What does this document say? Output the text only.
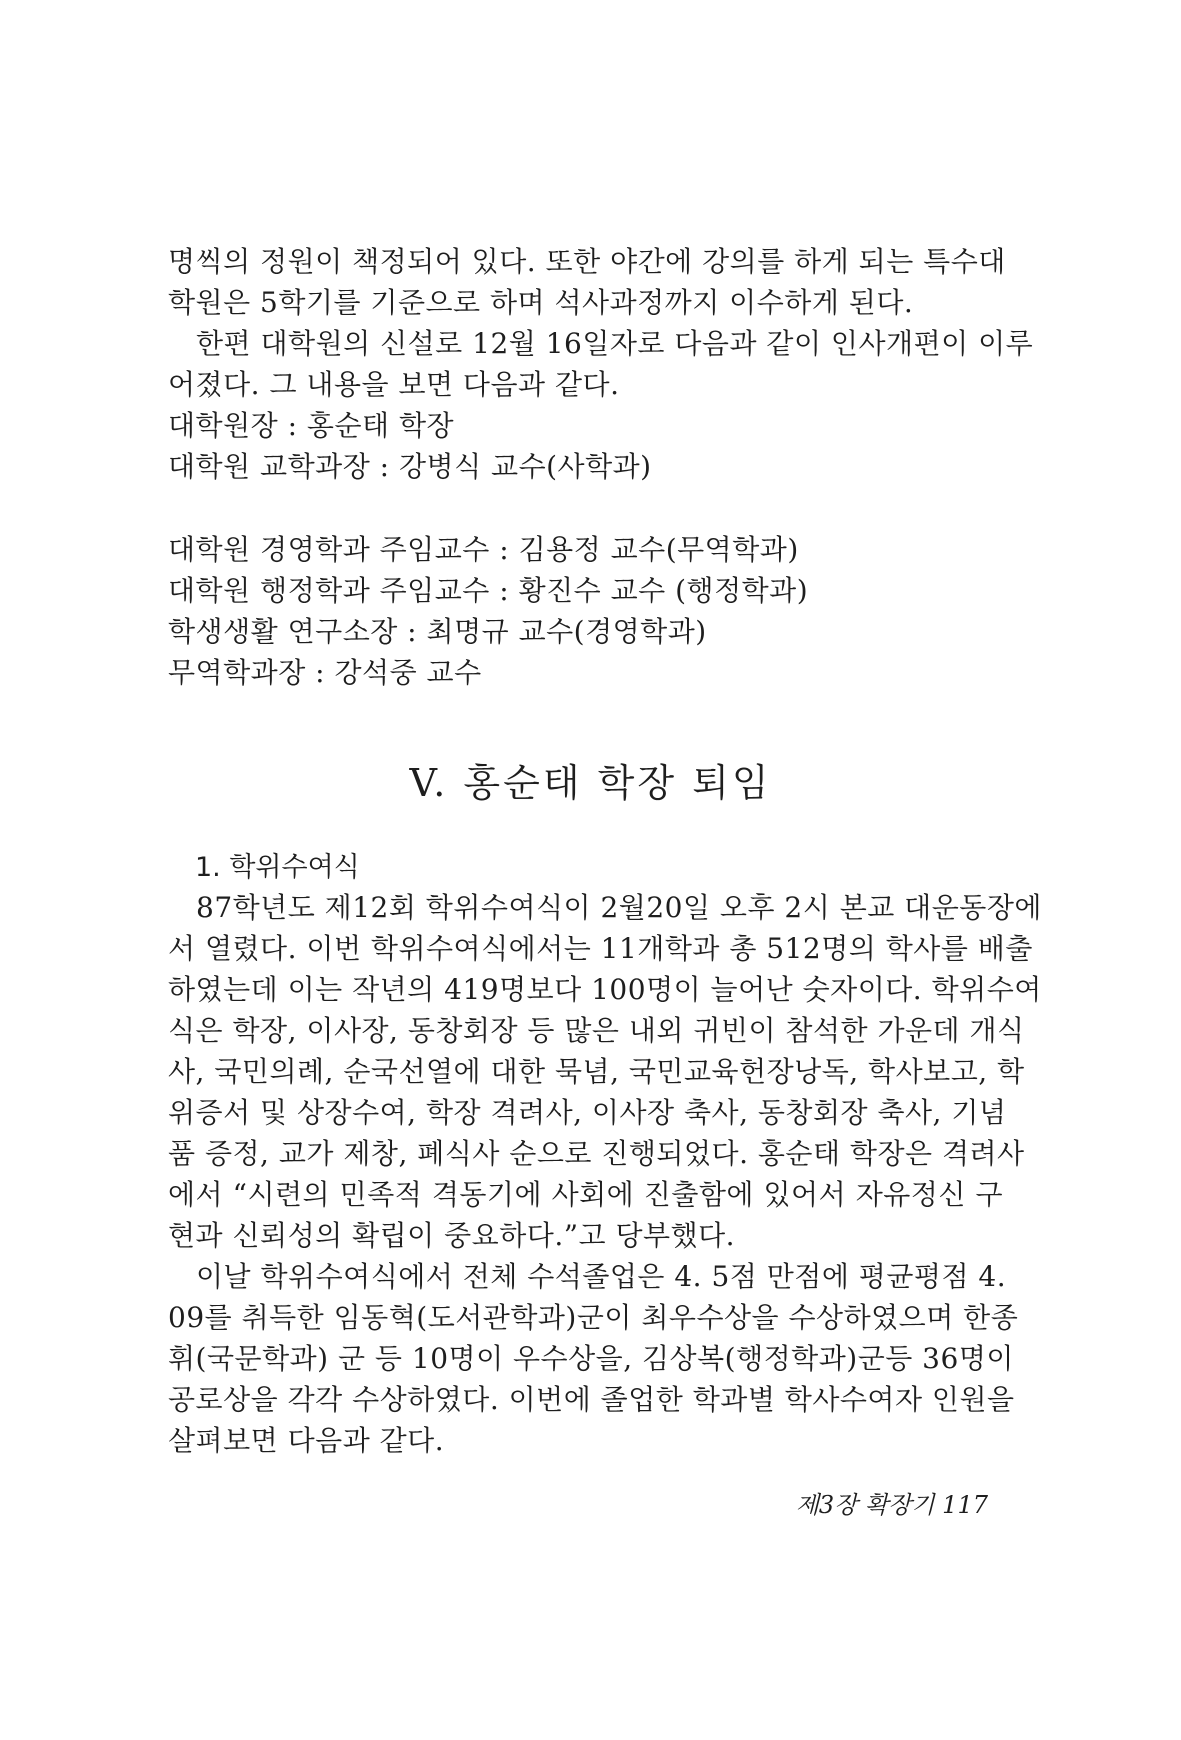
명씩의 정원이 책정되어 있다. 또한 야간에 강의를 하게 되는 특수대
학원은 5학기를 기준으로 하며 석사과정까지 이수하게 된다.
한편 대학원의 신설로 12월 16일자로 다음과 같이 인사개편이 이루
어졌다. 그 내용을 보면 다음과 같다.
대학원장 : 홍순태 학장
대학원 교학과장 : 강병식 교수(사학과)
대학원 경영학과 주임교수 : 김용정 교수(무역학과)
대학원 행정학과 주임교수 : 황진수 교수 (행정학과)
학생생활 연구소장 : 최명규 교수(경영학과)
무역학과장 : 강석중 교수
V. 홍순태 학장 퇴임
1. 학위수여식
87학년도 제12회 학위수여식이 2월20일 오후 2시 본교 대운동장에
서 열렸다. 이번 학위수여식에서는 11개학과 총 512명의 학사를 배출
하였는데 이는 작년의 419명보다 100명이 늘어난 숫자이다. 학위수여
식은 학장, 이사장, 동창회장 등 많은 내외 귀빈이 참석한 가운데 개식
사, 국민의례, 순국선열에 대한 묵념, 국민교육헌장낭독, 학사보고, 학
위증서 및 상장수여, 학장 격려사, 이사장 축사, 동창회장 축사, 기념
품 증정, 교가 제창, 폐식사 순으로 진행되었다. 홍순태 학장은 격려사
에서 “시련의 민족적 격동기에 사회에 진출함에 있어서 자유정신 구
현과 신뢰성의 확립이 중요하다.”고 당부했다.
이날 학위수여식에서 전체 수석졸업은 4. 5점 만점에 평균평점 4.
09를 취득한 임동혁(도서관학과)군이 최우수상을 수상하였으며 한종
휘(국문학과) 군 등 10명이 우수상을, 김상복(행정학과)군등 36명이
공로상을 각각 수상하였다. 이번에 졸업한 학과별 학사수여자 인원을
살펴보면 다음과 같다.
제3장 확장기 117
